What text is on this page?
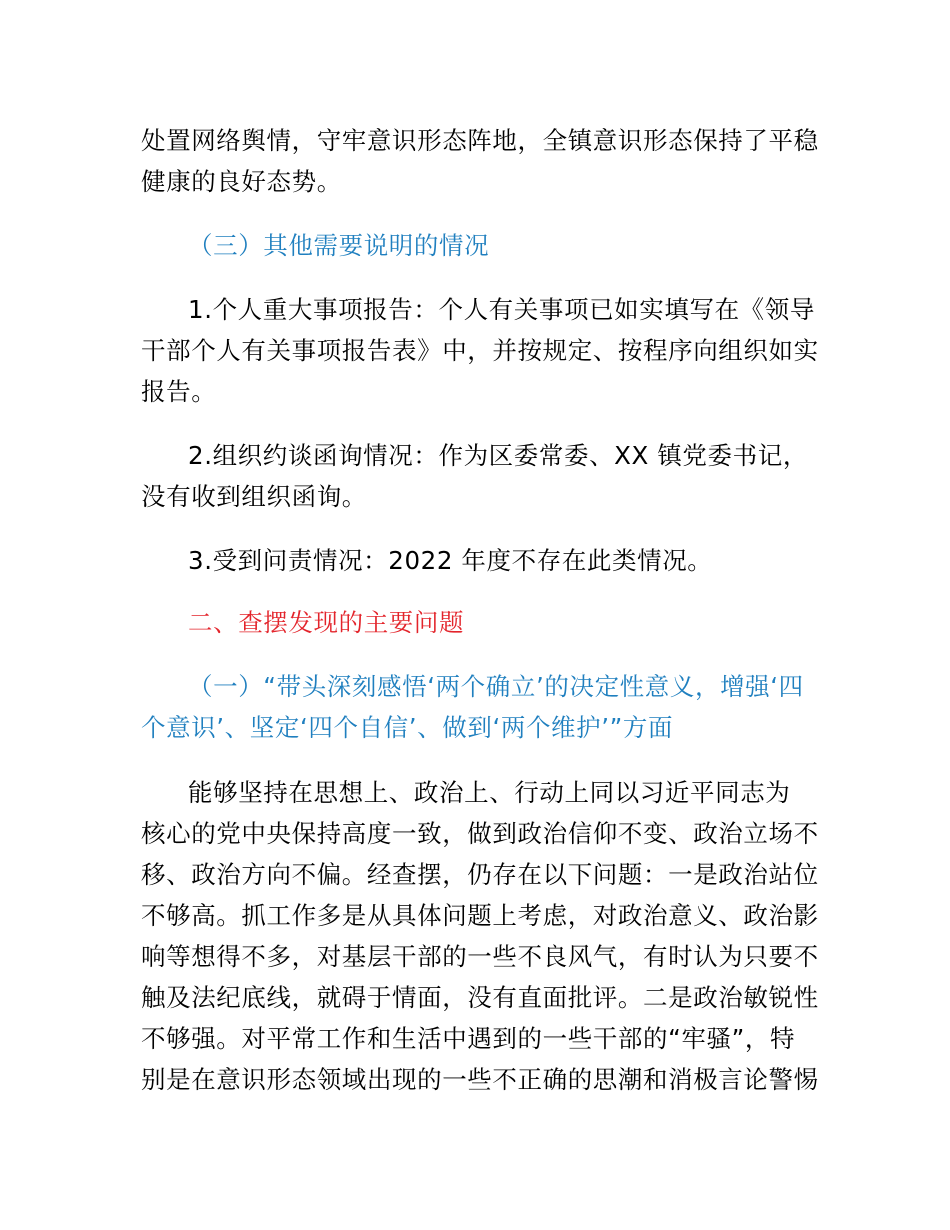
处置网络舆情，守牢意识形态阵地，全镇意识形态保持了平稳
健康的良好态势。
（三）其他需要说明的情况
1.个人重大事项报告：个人有关事项已如实填写在《领导
干部个人有关事项报告表》中，并按规定、按程序向组织如实
报告。
2.组织约谈函询情况：作为区委常委、XX 镇党委书记，
没有收到组织函询。
3.受到问责情况：2022 年度不存在此类情况。
二、查摆发现的主要问题
（一）“带头深刻感悟‘两个确立’的决定性意义，增强‘四
个意识’、坚定‘四个自信’、做到‘两个维护’”方面
能够坚持在思想上、政治上、行动上同以习近平同志为
核心的党中央保持高度一致，做到政治信仰不变、政治立场不
移、政治方向不偏。经查摆，仍存在以下问题：一是政治站位
不够高。抓工作多是从具体问题上考虑，对政治意义、政治影
响等想得不多，对基层干部的一些不良风气，有时认为只要不
触及法纪底线，就碍于情面，没有直面批评。二是政治敏锐性
不够强。对平常工作和生活中遇到的一些干部的“牢骚”，特
别是在意识形态领域出现的一些不正确的思潮和消极言论警惕
